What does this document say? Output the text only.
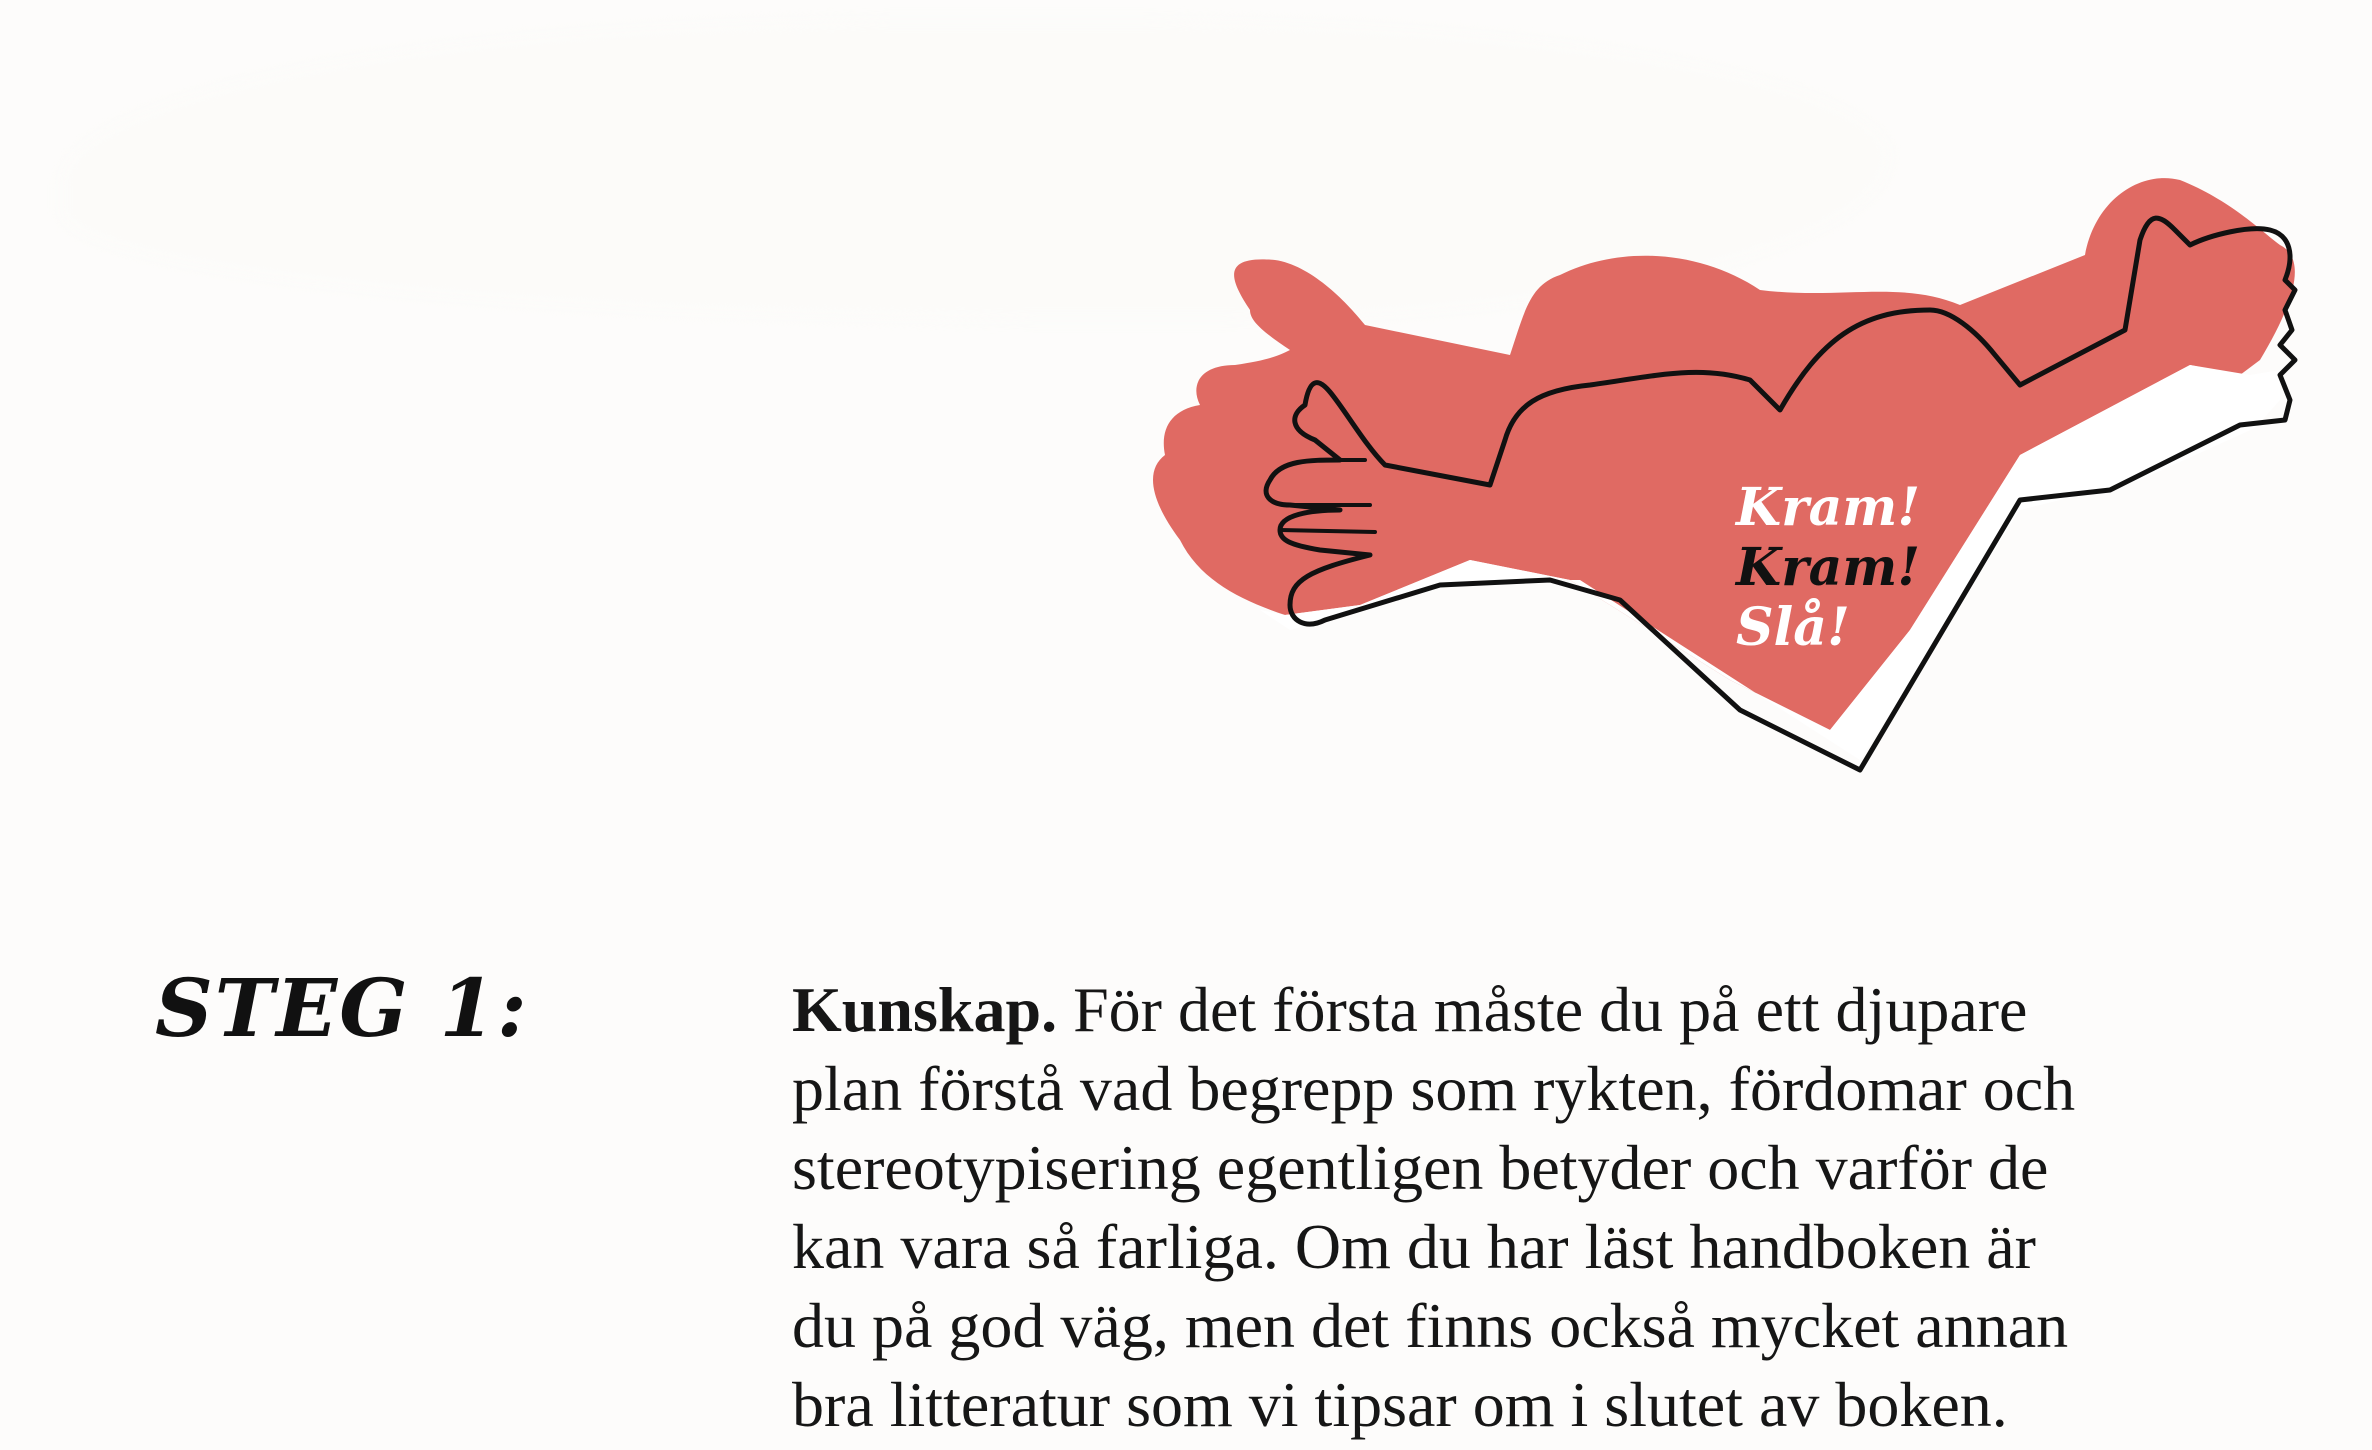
Kram!
Kram!
Slå!
STEG 1:	Kunskap. För det första måste du på ett djupare
plan förstå vad begrepp som rykten, fördomar och
stereotypisering egentligen betyder och varför de
kan vara så farliga. Om du har läst handboken är
du på god väg, men det finns också mycket annan
bra litteratur som vi tipsar om i slutet av boken.
